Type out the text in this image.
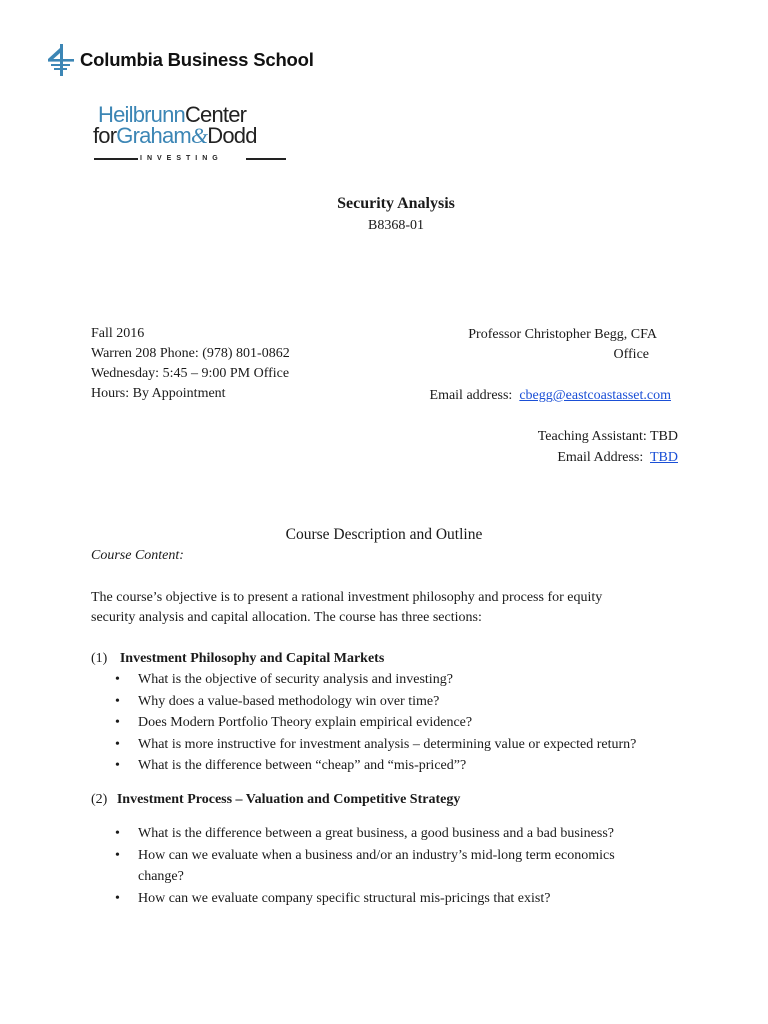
Columbia Business School
HeilbrunnCenter
forGraham&Dodd
INVESTING
Security Analysis
B8368-01
Fall 2016
Warren 208 Phone: (978) 801-0862
Wednesday: 5:45 – 9:00 PM Office
Hours: By Appointment
Professor Christopher Begg, CFA
Office
Email address: cbegg@eastcoastasset.com
Teaching Assistant: TBD
Email Address: TBD
Course Description and Outline
Course Content:
The course’s objective is to present a rational investment philosophy and process for equity
security analysis and capital allocation. The course has three sections:
(1) Investment Philosophy and Capital Markets
• What is the objective of security analysis and investing?
• Why does a value-based methodology win over time?
• Does Modern Portfolio Theory explain empirical evidence?
• What is more instructive for investment analysis – determining value or expected return?
• What is the difference between “cheap” and “mis-priced”?
(2) Investment Process – Valuation and Competitive Strategy
• What is the difference between a great business, a good business and a bad business?
• How can we evaluate when a business and/or an industry’s mid-long term economics
change?
• How can we evaluate company specific structural mis-pricings that exist?
